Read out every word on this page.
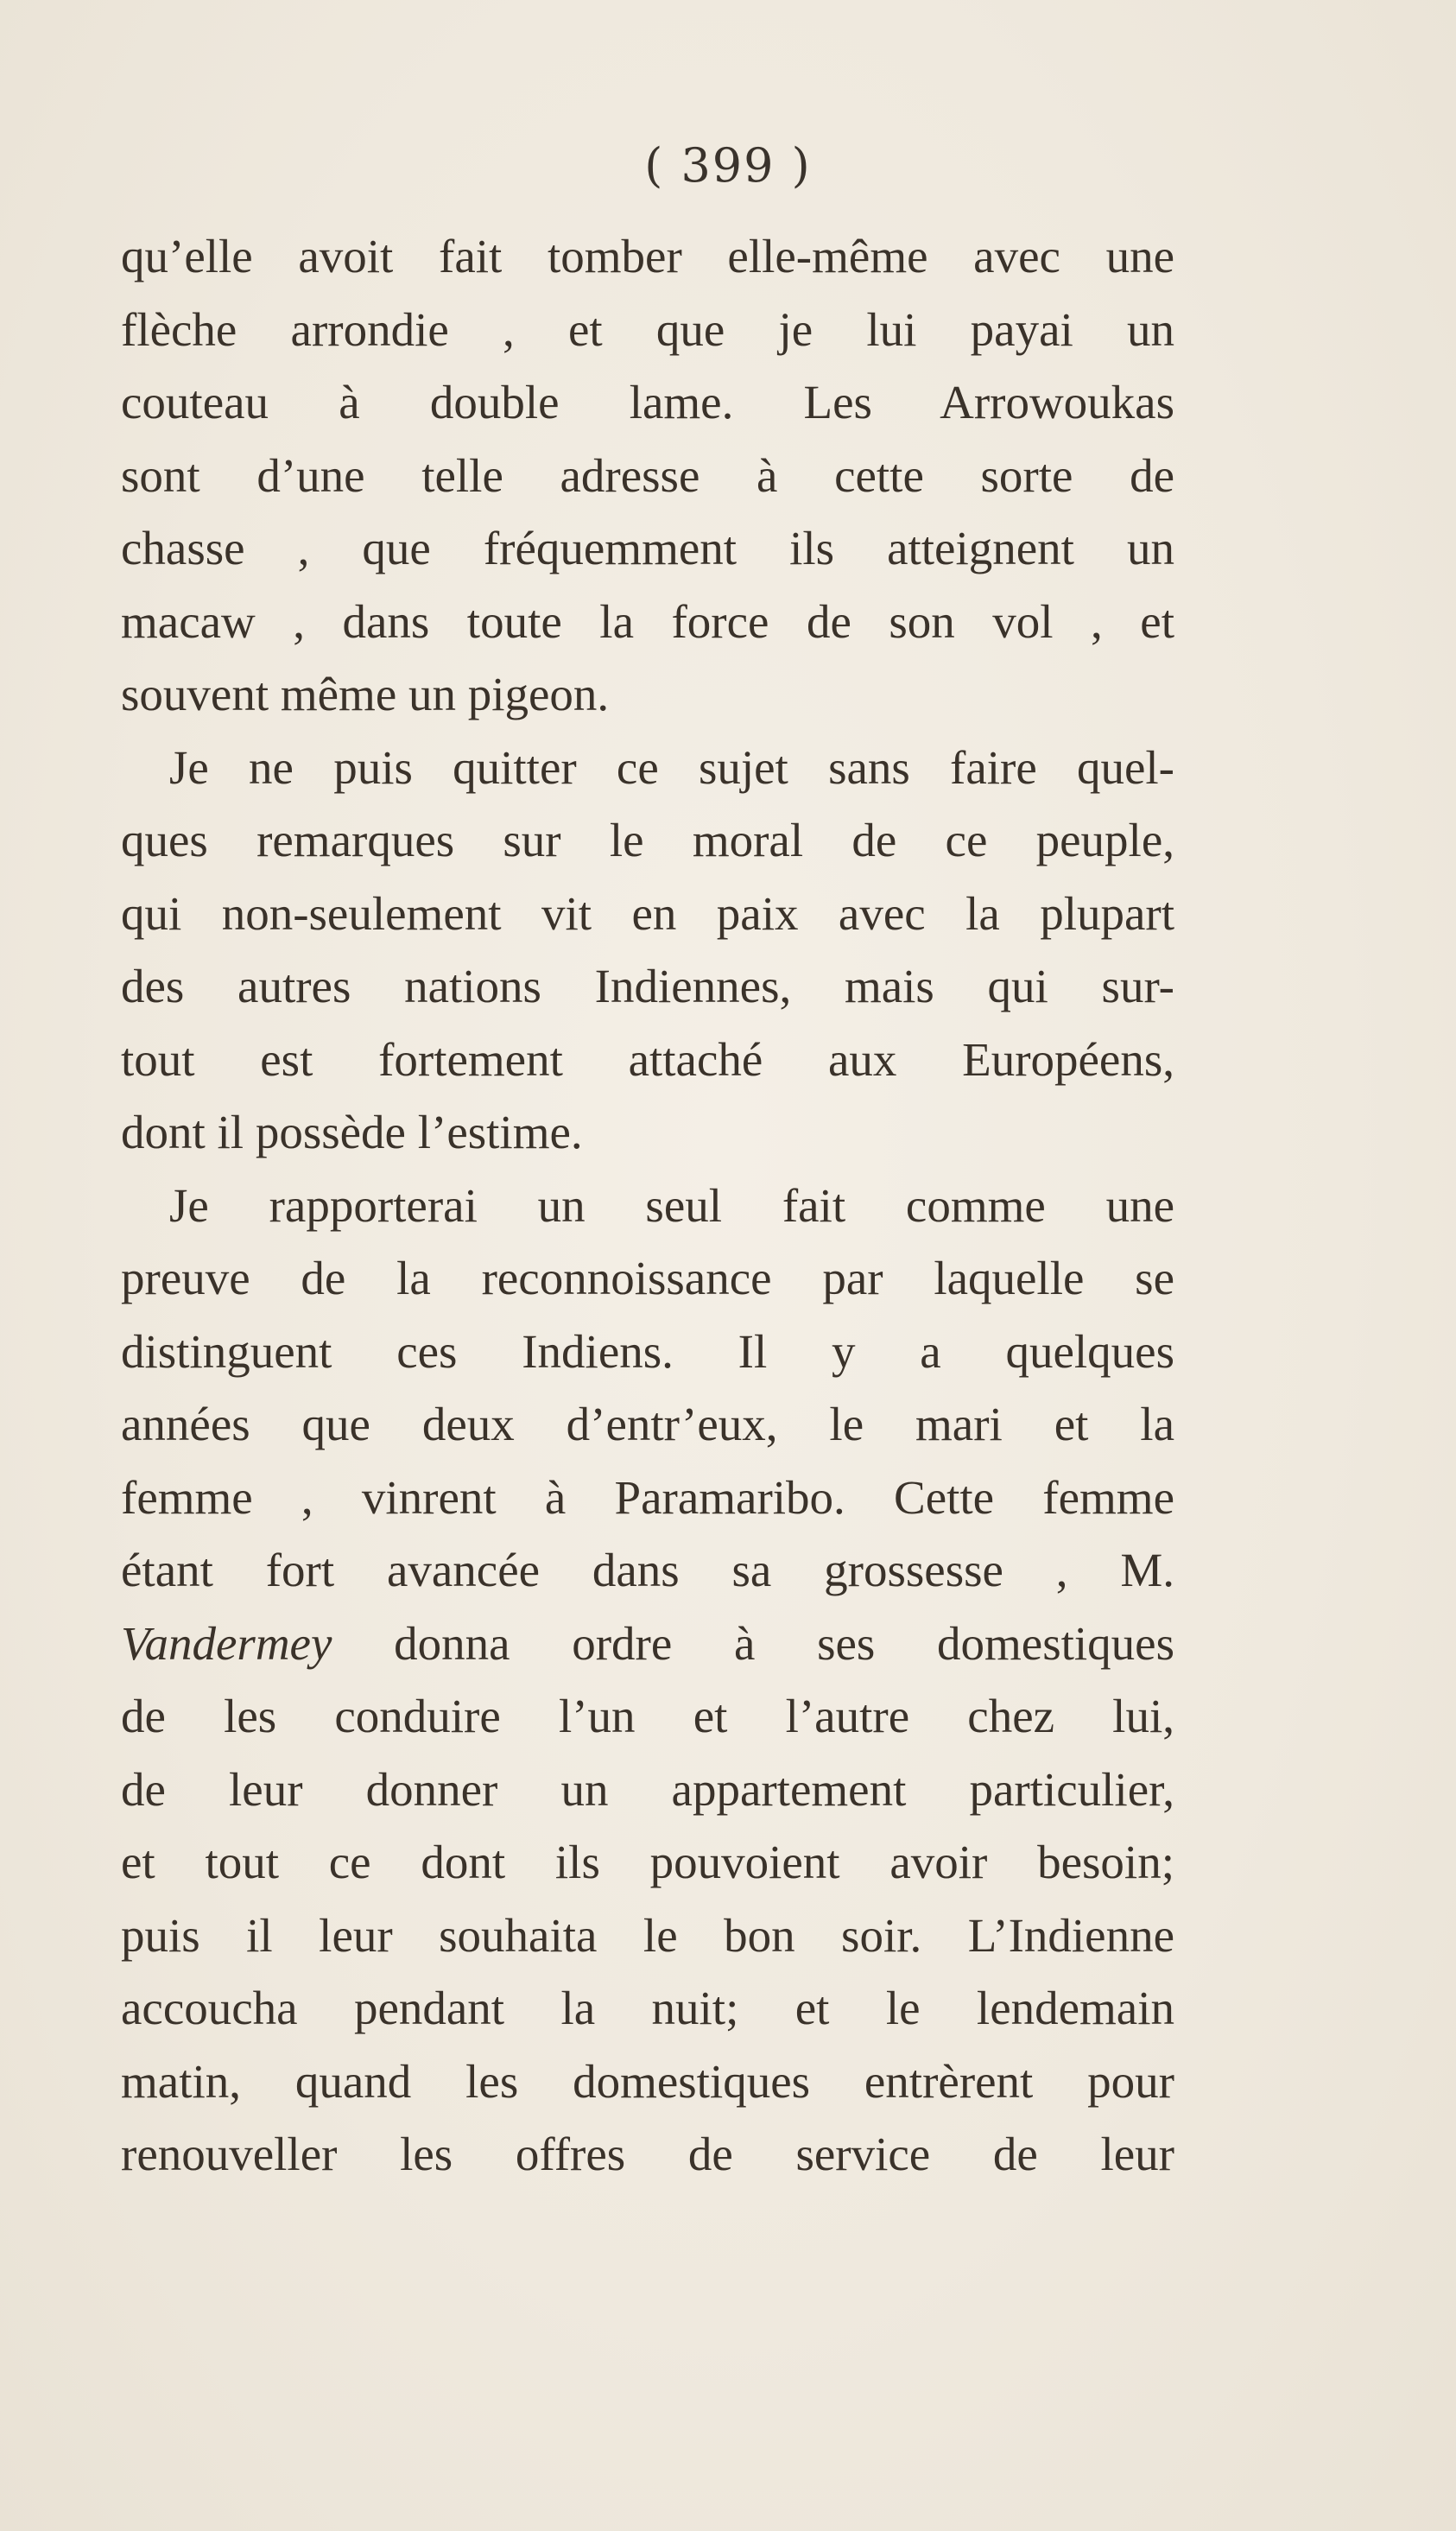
( 399 )
qu’elle avoit fait tomber elle-même avec une
flèche arrondie , et que je lui payai un
couteau à double lame. Les Arrowoukas
sont d’une telle adresse à cette sorte de
chasse , que fréquemment ils atteignent un
macaw , dans toute la force de son vol , et
souvent même un pigeon.
Je ne puis quitter ce sujet sans faire quel-
ques remarques sur le moral de ce peuple,
qui non-seulement vit en paix avec la plupart
des autres nations Indiennes, mais qui sur-
tout est fortement attaché aux Européens,
dont il possède l’estime.
Je rapporterai un seul fait comme une
preuve de la reconnoissance par laquelle se
distinguent ces Indiens. Il y a quelques
années que deux d’entr’eux, le mari et la
femme , vinrent à Paramaribo. Cette femme
étant fort avancée dans sa grossesse , M.
Vandermey donna ordre à ses domestiques
de les conduire l’un et l’autre chez lui,
de leur donner un appartement particulier,
et tout ce dont ils pouvoient avoir besoin;
puis il leur souhaita le bon soir. L’Indienne
accoucha pendant la nuit; et le lendemain
matin, quand les domestiques entrèrent pour
renouveller les offres de service de leur
